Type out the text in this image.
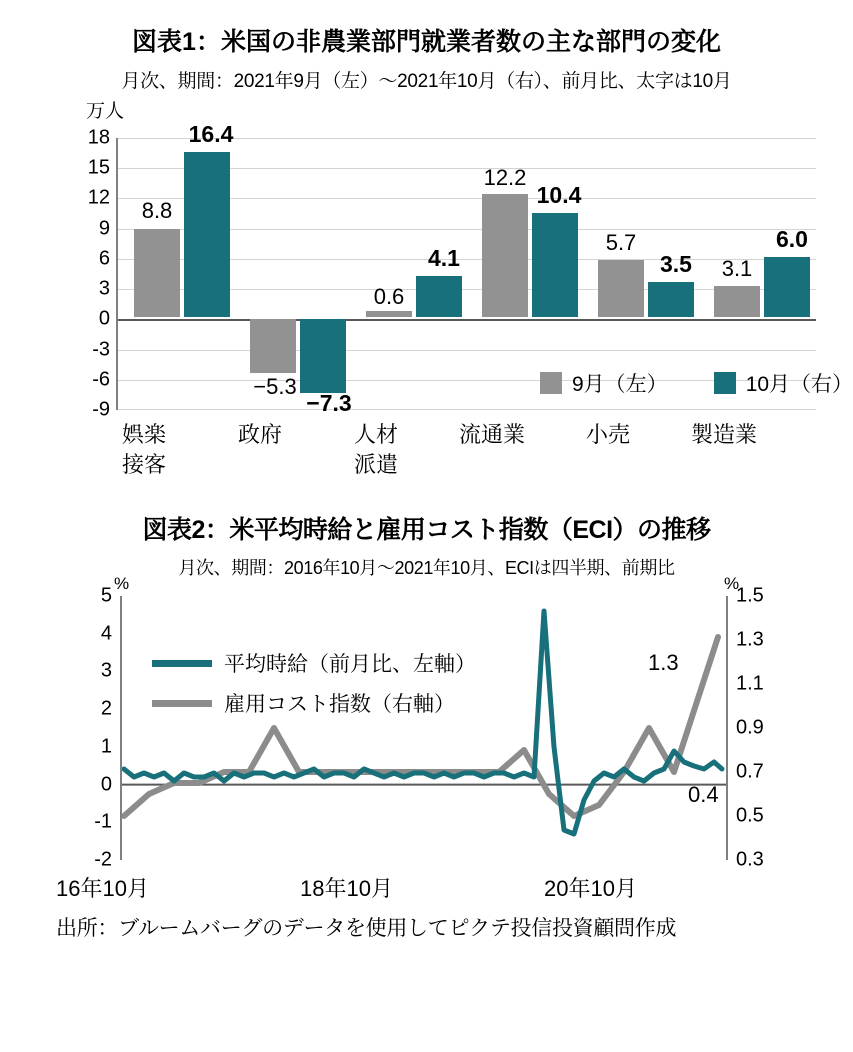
図表1：米国の非農業部門就業者数の主な部門の変化
月次、期間：2021年9月（左）〜2021年10月（右）、前月比、太字は10月
万人
18
15
12
9
6
3
0
-3
-6
-9
8.8
16.4
−5.3
−7.3
0.6
4.1
12.2
10.4
5.7
3.5	3.1
6.0
9月（左）	10月（右）
娯楽
接客
政府	人材
派遣
流通業	小売	製造業
図表2：米平均時給と雇用コスト指数（ECI）の推移
月次、期間：2016年10月〜2021年10月、ECIは四半期、前期比
%	%
5
4
3
2
1
0
-1
-2
1.5
1.3
1.1
0.9
0.7
0.5
0.3
平均時給（前月比、左軸）
雇用コスト指数（右軸）
1.3
0.4
16年10月	18年10月	20年10月
出所：ブルームバーグのデータを使用してピクテ投信投資顧問作成
